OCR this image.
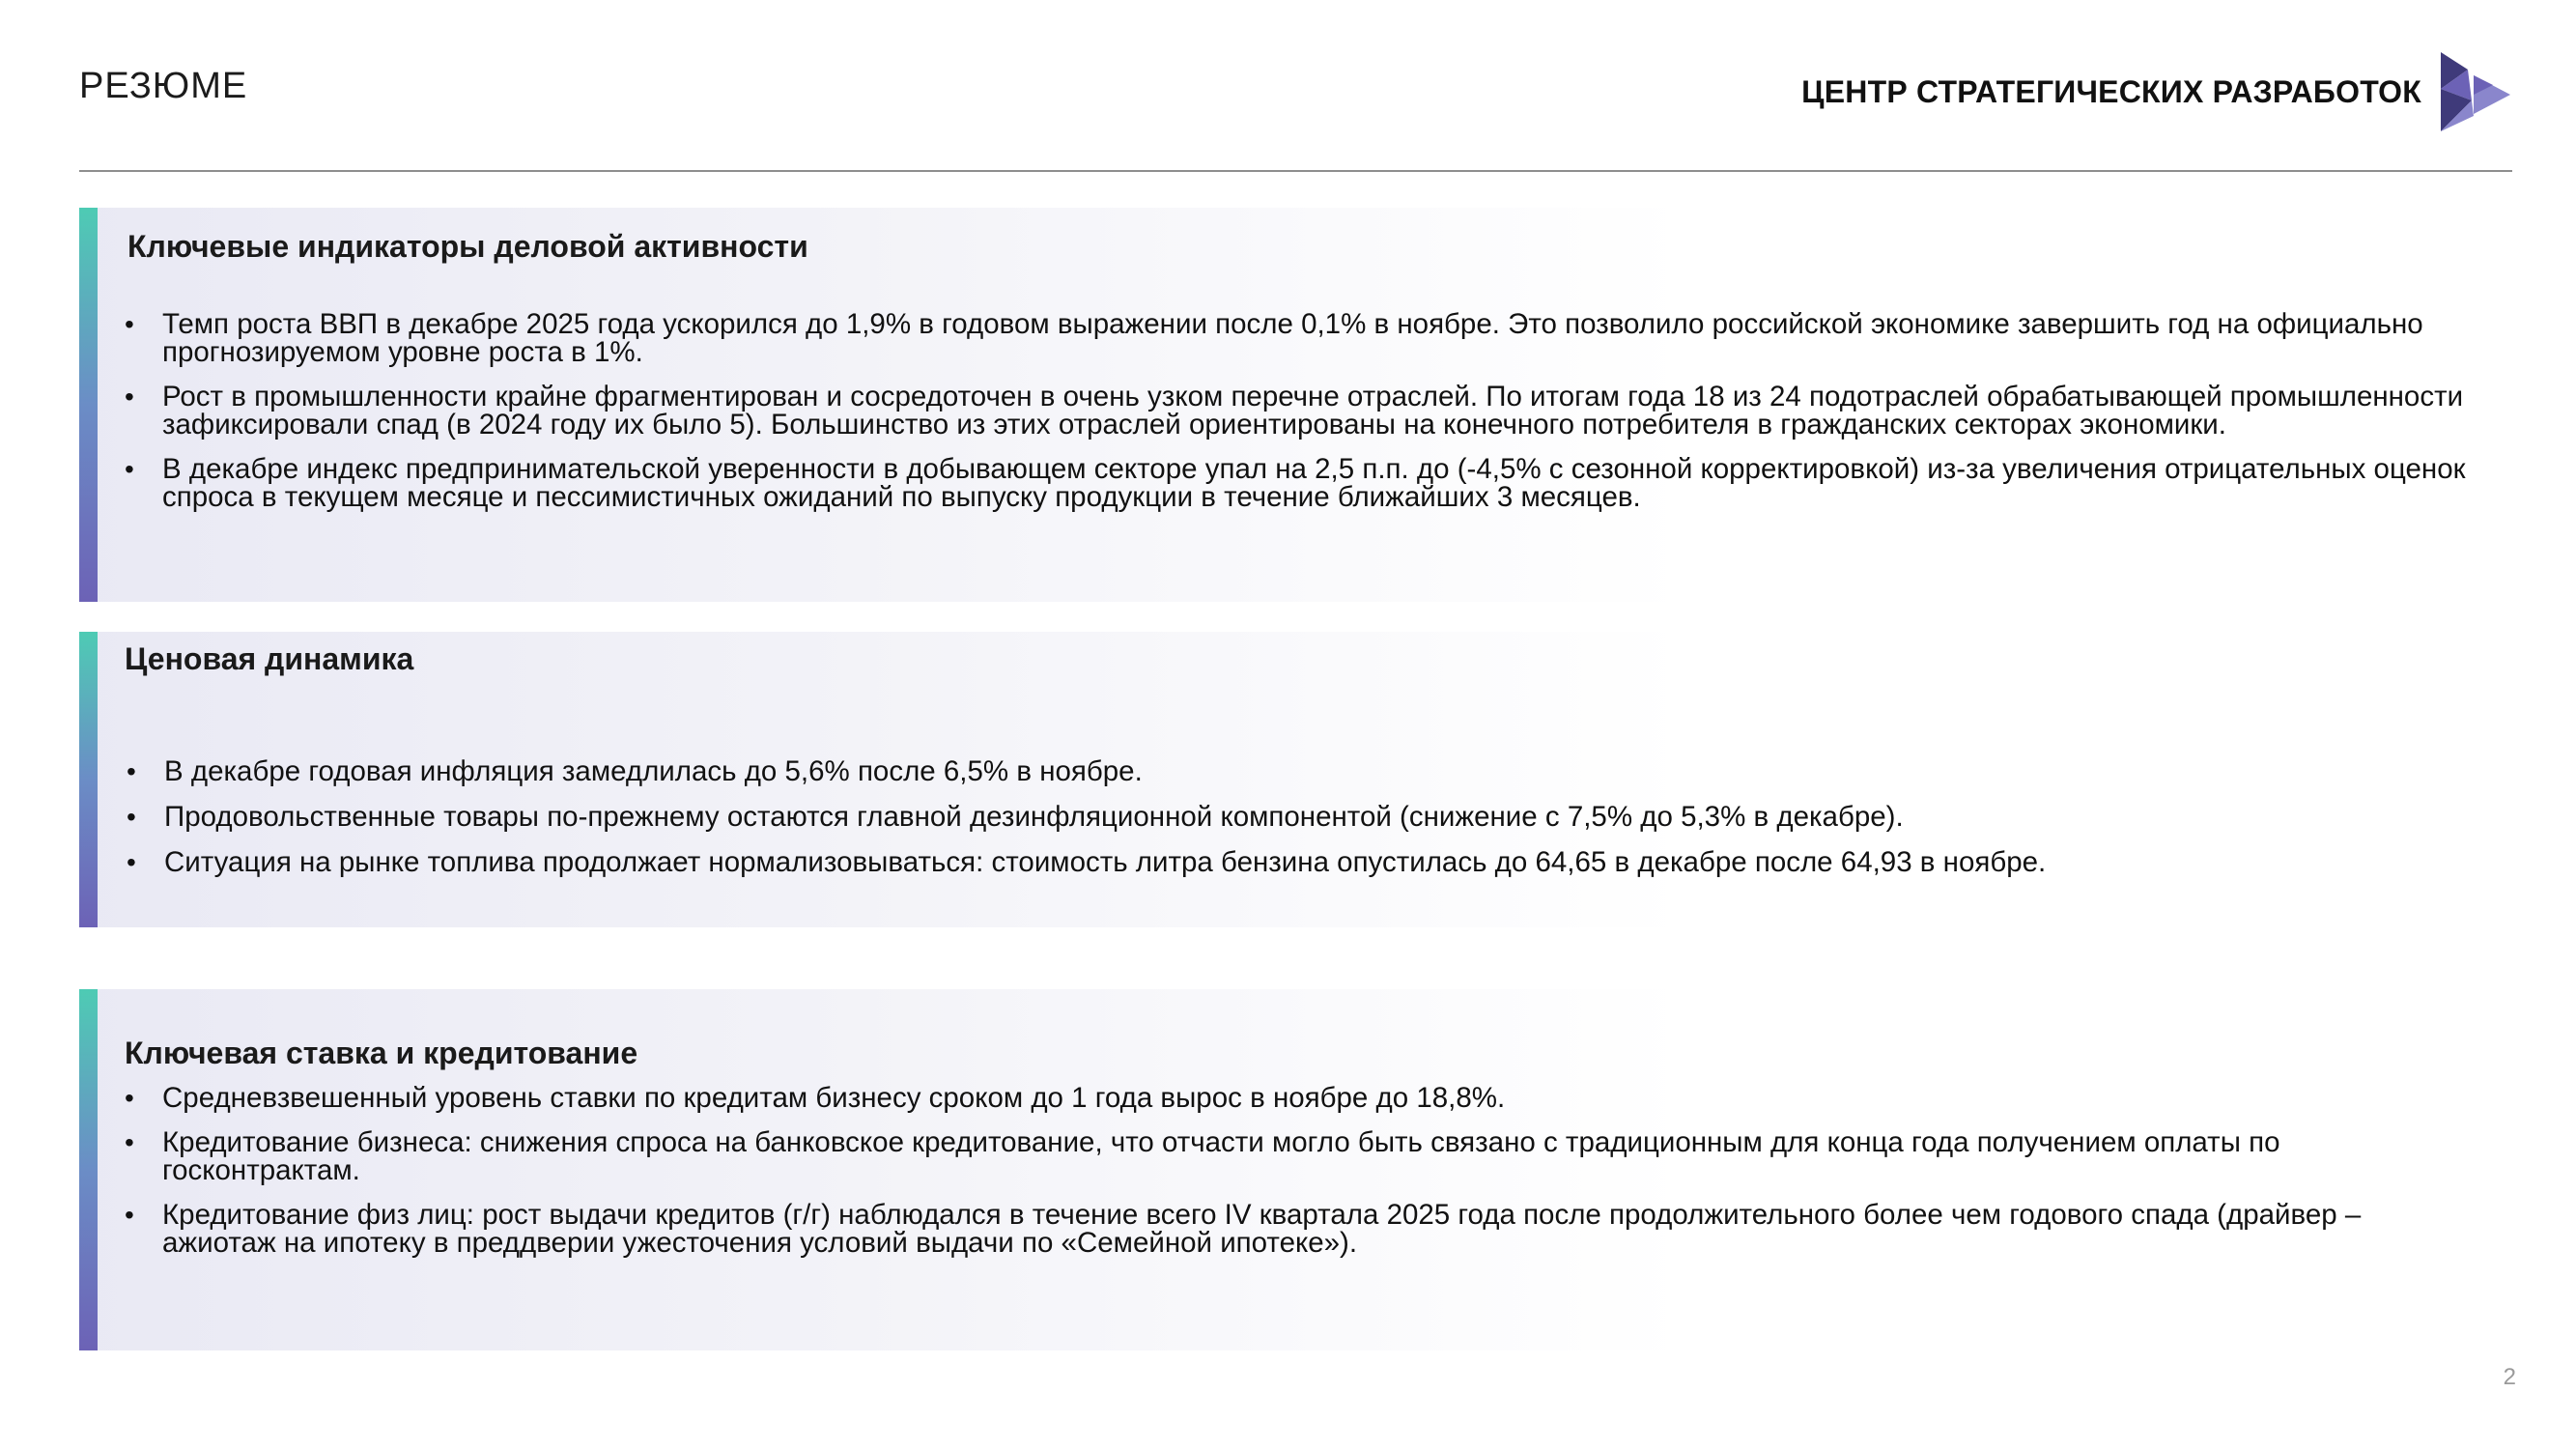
РЕЗЮМЕ	ЦЕНТР СТРАТЕГИЧЕСКИХ РАЗРАБОТОК
Ключевые индикаторы деловой активности
• Темп роста ВВП в декабре 2025 года ускорился до 1,9% в годовом выражении после 0,1% в ноябре. Это позволило российской экономике завершить год на официально прогнозируемом уровне роста в 1%.
• Рост в промышленности крайне фрагментирован и сосредоточен в очень узком перечне отраслей. По итогам года 18 из 24 подотраслей обрабатывающей промышленности зафиксировали спад (в 2024 году их было 5). Большинство из этих отраслей ориентированы на конечного потребителя в гражданских секторах экономики.
• В декабре индекс предпринимательской уверенности в добывающем секторе упал на 2,5 п.п. до (-4,5% с сезонной корректировкой) из-за увеличения отрицательных оценок спроса в текущем месяце и пессимистичных ожиданий по выпуску продукции в течение ближайших 3 месяцев.
Ценовая динамика
• В декабре годовая инфляция замедлилась до 5,6% после 6,5% в ноябре.
• Продовольственные товары по-прежнему остаются главной дезинфляционной компонентой (снижение с 7,5% до 5,3% в декабре).
• Ситуация на рынке топлива продолжает нормализовываться: стоимость литра бензина опустилась до 64,65 в декабре после 64,93 в ноябре.
Ключевая ставка и кредитование
• Средневзвешенный уровень ставки по кредитам бизнесу сроком до 1 года вырос в ноябре до 18,8%.
• Кредитование бизнеса: снижения спроса на банковское кредитование, что отчасти могло быть связано с традиционным для конца года получением оплаты по госконтрактам.
• Кредитование физ лиц: рост выдачи кредитов (г/г) наблюдался в течение всего IV квартала 2025 года после продолжительного более чем годового спада (драйвер – ажиотаж на ипотеку в преддверии ужесточения условий выдачи по «Семейной ипотеке»).
2
